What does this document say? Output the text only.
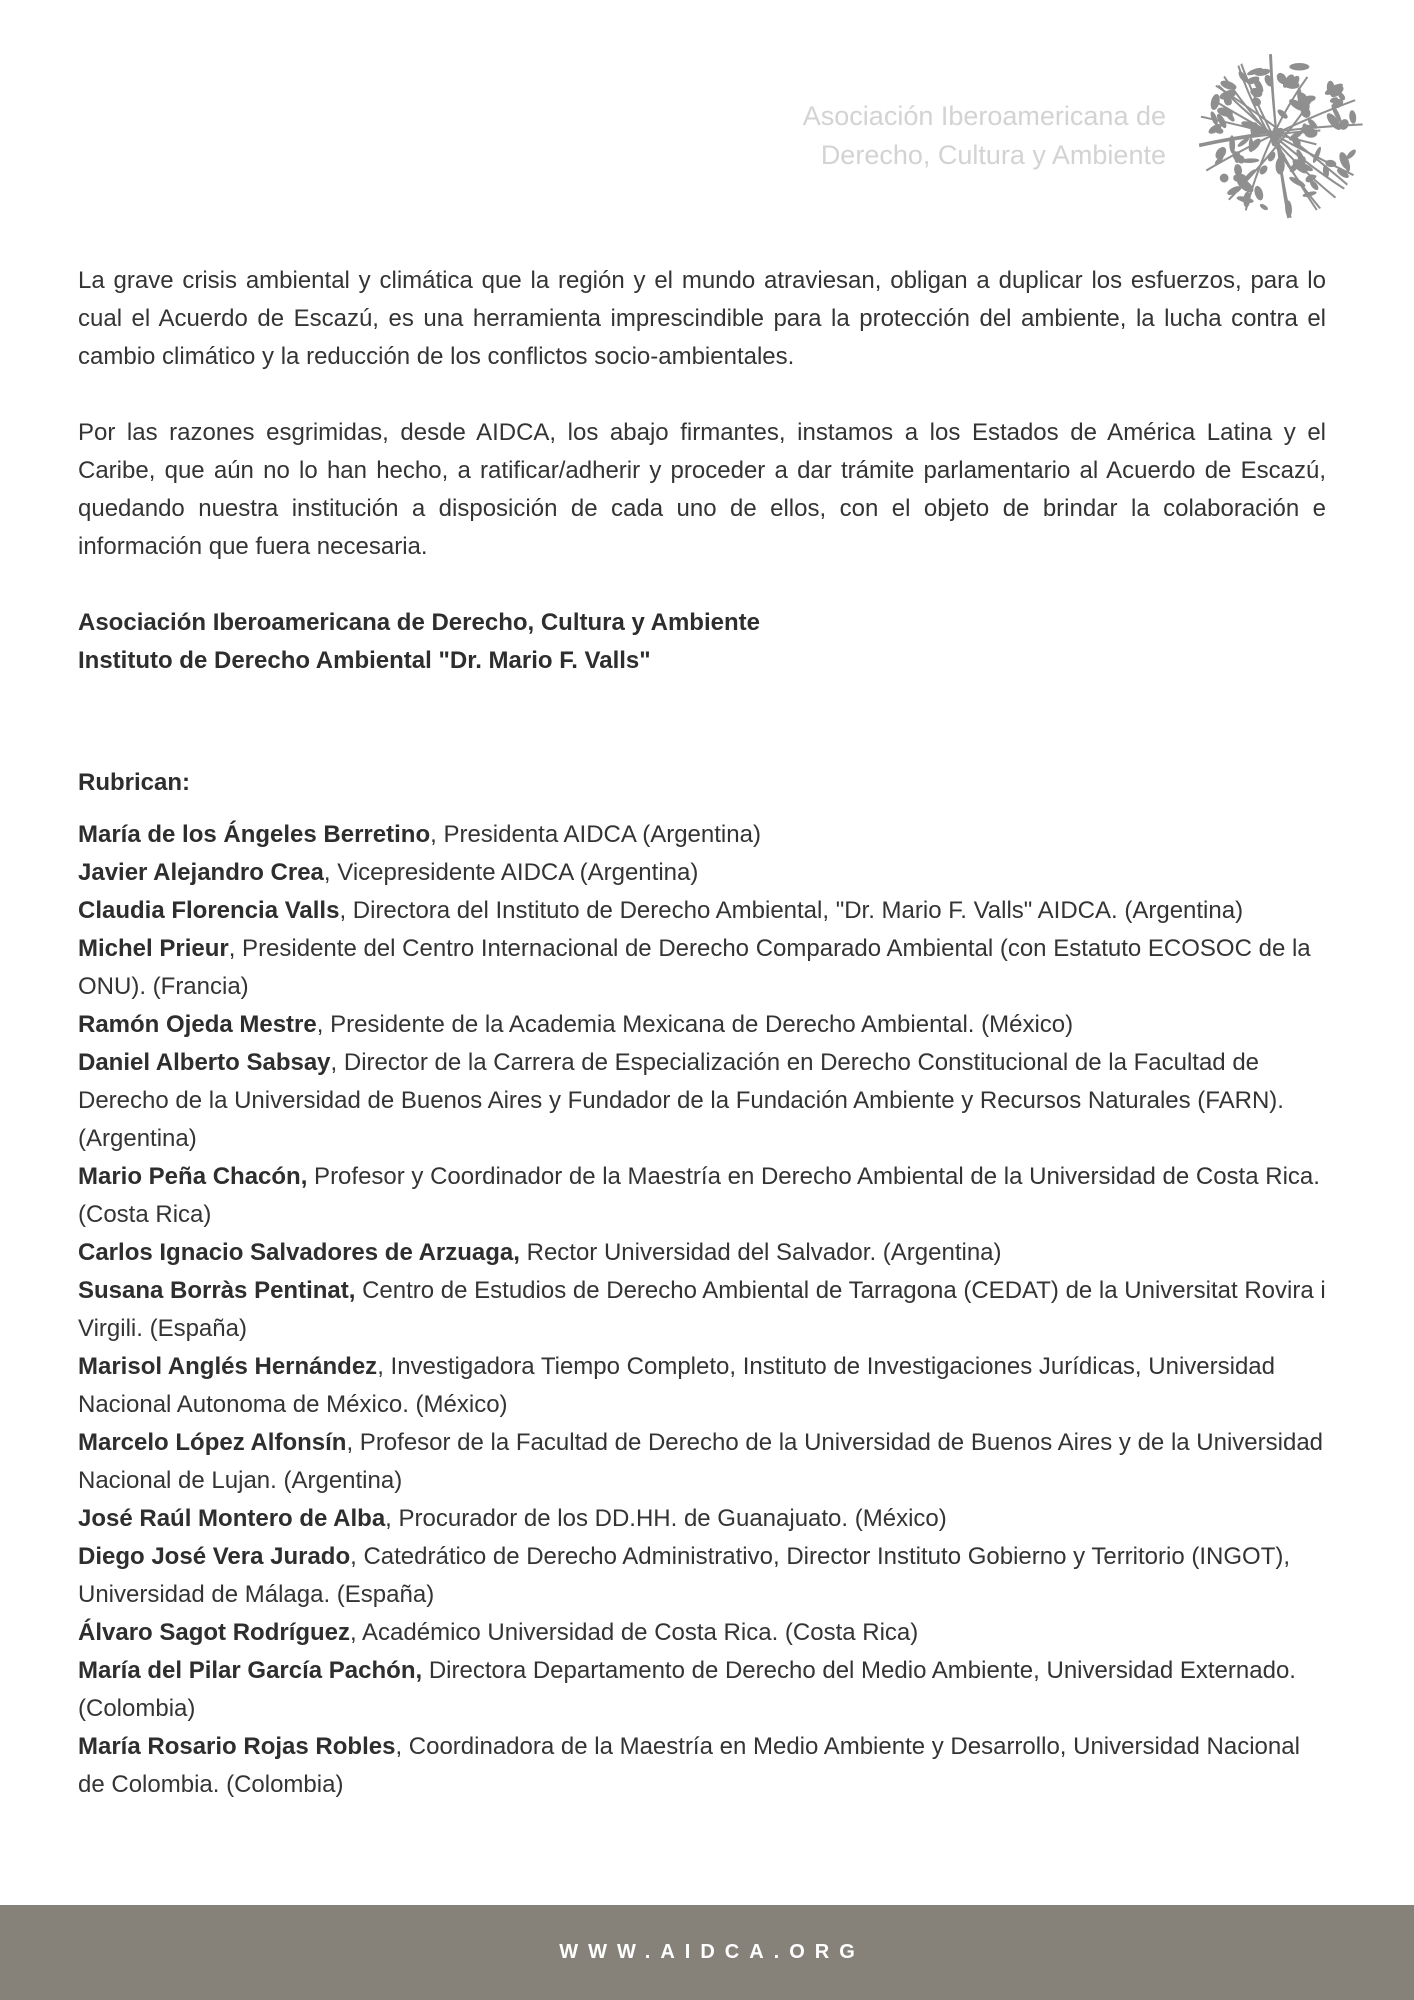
Asociación Iberoamericana de
Derecho, Cultura y Ambiente

La grave crisis ambiental y climática que la región y el mundo atraviesan, obligan a duplicar los esfuerzos, para lo cual el Acuerdo de Escazú, es una herramienta imprescindible para la protección del ambiente, la lucha contra el cambio climático y la reducción de los conflictos socio-ambientales.

Por las razones esgrimidas, desde AIDCA, los abajo firmantes, instamos a los Estados de América Latina y el Caribe, que aún no lo han hecho, a ratificar/adherir y proceder a dar trámite parlamentario al Acuerdo de Escazú, quedando nuestra institución a disposición de cada uno de ellos, con el objeto de brindar la colaboración e información que fuera necesaria.

Asociación Iberoamericana de Derecho, Cultura y Ambiente
Instituto de Derecho Ambiental "Dr. Mario F. Valls"

Rubrican:

María de los Ángeles Berretino, Presidenta AIDCA (Argentina)

Javier Alejandro Crea, Vicepresidente AIDCA (Argentina)

Claudia Florencia Valls, Directora del Instituto de Derecho Ambiental, "Dr. Mario F. Valls" AIDCA. (Argentina)

Michel Prieur, Presidente del Centro Internacional de Derecho Comparado Ambiental (con Estatuto ECOSOC de la ONU). (Francia)

Ramón Ojeda Mestre, Presidente de la Academia Mexicana de Derecho Ambiental. (México)

Daniel Alberto Sabsay, Director de la Carrera de Especialización en Derecho Constitucional de la Facultad de Derecho de la Universidad de Buenos Aires y Fundador de la Fundación Ambiente y Recursos Naturales (FARN). (Argentina)

Mario Peña Chacón, Profesor y Coordinador de la Maestría en Derecho Ambiental de la Universidad de Costa Rica. (Costa Rica)

Carlos Ignacio Salvadores de Arzuaga, Rector Universidad del Salvador. (Argentina)

Susana Borràs Pentinat, Centro de Estudios de Derecho Ambiental de Tarragona (CEDAT) de la Universitat Rovira i Virgili. (España)

Marisol Anglés Hernández, Investigadora Tiempo Completo, Instituto de Investigaciones Jurídicas, Universidad Nacional Autonoma de México. (México)

Marcelo López Alfonsín, Profesor de la Facultad de Derecho de la Universidad de Buenos Aires y de la Universidad Nacional de Lujan. (Argentina)

José Raúl Montero de Alba, Procurador de los DD.HH. de Guanajuato. (México)

Diego José Vera Jurado, Catedrático de Derecho Administrativo, Director Instituto Gobierno y Territorio (INGOT), Universidad de Málaga. (España)

Álvaro Sagot Rodríguez, Académico Universidad de Costa Rica. (Costa Rica)

María del Pilar García Pachón, Directora Departamento de Derecho del Medio Ambiente, Universidad Externado. (Colombia)

María Rosario Rojas Robles, Coordinadora de la Maestría en Medio Ambiente y Desarrollo, Universidad Nacional de Colombia. (Colombia)

WWW.AIDCA.ORG
